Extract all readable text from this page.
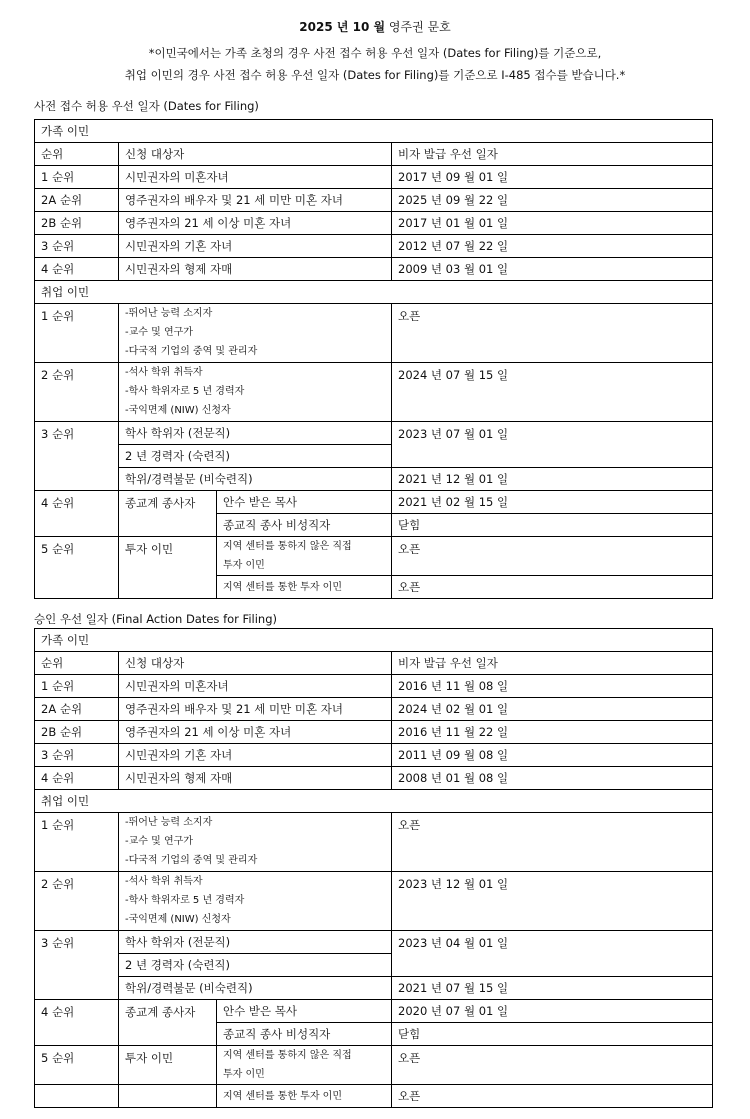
2025 년 10 월 영주권 문호
*이민국에서는 가족 초청의 경우 사전 접수 허용 우선 일자 (Dates for Filing)를 기준으로,
취업 이민의 경우 사전 접수 허용 우선 일자 (Dates for Filing)를 기준으로 I-485 접수를 받습니다.*
사전 접수 허용 우선 일자 (Dates for Filing)
가족 이민			
순위	신청 대상자		비자 발급 우선 일자
1 순위	시민권자의 미혼자녀		2017 년 09 월 01 일
2A 순위	영주권자의 배우자 및 21 세 미만 미혼 자녀		2025 년 09 월 22 일
2B 순위	영주권자의 21 세 이상 미혼 자녀		2017 년 01 월 01 일
3 순위	시민권자의 기혼 자녀		2012 년 07 월 22 일
4 순위	시민권자의 형제 자매		2009 년 03 월 01 일
취업 이민			
1 순위	-뛰어난 능력 소지자
-교수 및 연구가
-다국적 기업의 중역 및 관리자		오픈
2 순위	-석사 학위 취득자
-학사 학위자로 5 년 경력자
-국익면제 (NIW) 신청자		2024 년 07 월 15 일
3 순위	학사 학위자 (전문직)		2023 년 07 월 01 일
	2 년 경력자 (숙련직)		
	학위/경력불문 (비숙련직)		2021 년 12 월 01 일
4 순위	종교계 종사자	안수 받은 목사	2021 년 02 월 15 일
		종교직 종사 비성직자	닫힘
5 순위	투자 이민	지역 센터를 통하지 않은 직접
투자 이민	오픈
		지역 센터를 통한 투자 이민	오픈
승인 우선 일자 (Final Action Dates for Filing)
가족 이민			
순위	신청 대상자		비자 발급 우선 일자
1 순위	시민권자의 미혼자녀		2016 년 11 월 08 일
2A 순위	영주권자의 배우자 및 21 세 미만 미혼 자녀		2024 년 02 월 01 일
2B 순위	영주권자의 21 세 이상 미혼 자녀		2016 년 11 월 22 일
3 순위	시민권자의 기혼 자녀		2011 년 09 월 08 일
4 순위	시민권자의 형제 자매		2008 년 01 월 08 일
취업 이민			
1 순위	-뛰어난 능력 소지자
-교수 및 연구가
-다국적 기업의 중역 및 관리자		오픈
2 순위	-석사 학위 취득자
-학사 학위자로 5 년 경력자
-국익면제 (NIW) 신청자		2023 년 12 월 01 일
3 순위	학사 학위자 (전문직)		2023 년 04 월 01 일
	2 년 경력자 (숙련직)		
	학위/경력불문 (비숙련직)		2021 년 07 월 15 일
4 순위	종교계 종사자	안수 받은 목사	2020 년 07 월 01 일
		종교직 종사 비성직자	닫힘
5 순위	투자 이민	지역 센터를 통하지 않은 직접
투자 이민	오픈
		지역 센터를 통한 투자 이민	오픈
